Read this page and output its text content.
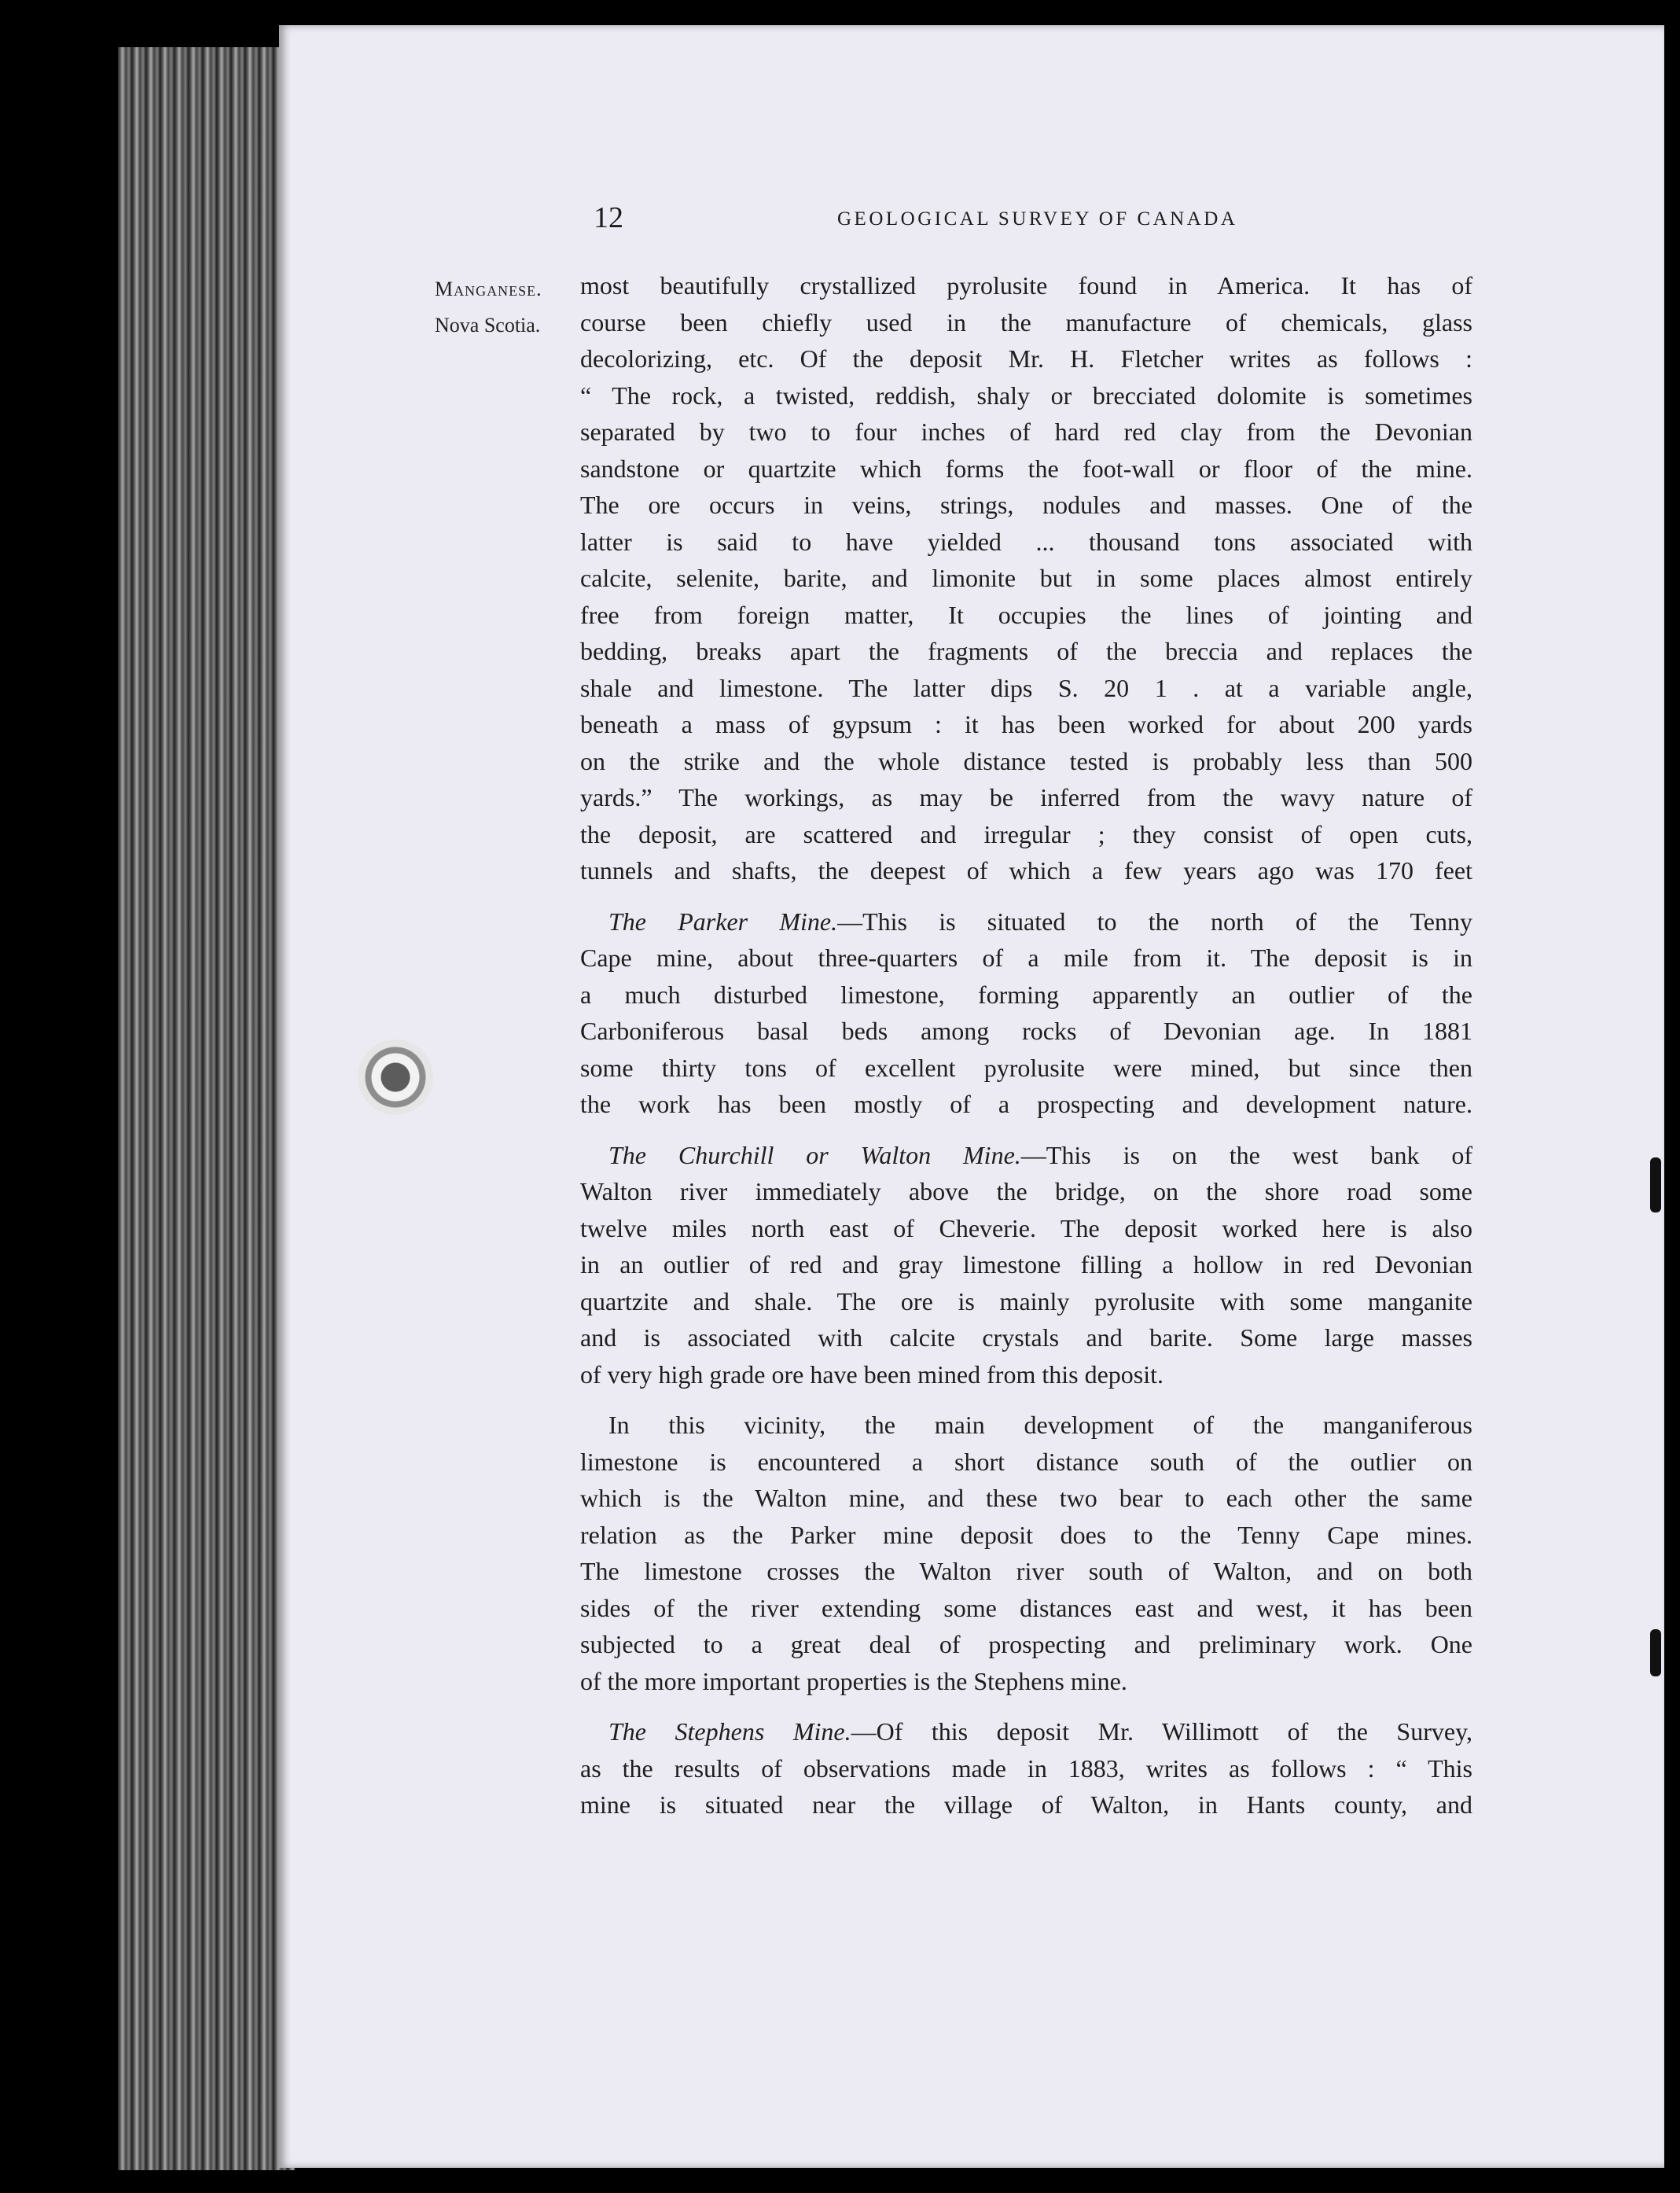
12	GEOLOGICAL SURVEY OF CANADA
Manganese.
Nova Scotia.

most beautifully crystallized pyrolusite found in America. It has of

course been chiefly used in the manufacture of chemicals, glass

decolorizing, etc. Of the deposit Mr. H. Fletcher writes as follows :

“ The rock, a twisted, reddish, shaly or brecciated dolomite is sometimes

separated by two to four inches of hard red clay from the Devonian

sandstone or quartzite which forms the foot-wall or floor of the mine.

The ore occurs in veins, strings, nodules and masses. One of the

latter is said to have yielded ... thousand tons associated with

calcite, selenite, barite, and limonite but in some places almost entirely

free from foreign matter, It occupies the lines of jointing and

bedding, breaks apart the fragments of the breccia and replaces the

shale and limestone. The latter dips S. 20 1 . at a variable angle,

beneath a mass of gypsum : it has been worked for about 200 yards

on the strike and the whole distance tested is probably less than 500

yards.” The workings, as may be inferred from the wavy nature of

the deposit, are scattered and irregular ; they consist of open cuts,

tunnels and shafts, the deepest of which a few years ago was 170 feet

The Parker Mine.—This is situated to the north of the Tenny

Cape mine, about three-quarters of a mile from it. The deposit is in

a much disturbed limestone, forming apparently an outlier of the

Carboniferous basal beds among rocks of Devonian age. In 1881

some thirty tons of excellent pyrolusite were mined, but since then

the work has been mostly of a prospecting and development nature.

The Churchill or Walton Mine.—This is on the west bank of

Walton river immediately above the bridge, on the shore road some

twelve miles north east of Cheverie. The deposit worked here is also

in an outlier of red and gray limestone filling a hollow in red Devonian

quartzite and shale. The ore is mainly pyrolusite with some manganite

and is associated with calcite crystals and barite. Some large masses

of very high grade ore have been mined from this deposit.

In this vicinity, the main development of the manganiferous

limestone is encountered a short distance south of the outlier on

which is the Walton mine, and these two bear to each other the same

relation as the Parker mine deposit does to the Tenny Cape mines.

The limestone crosses the Walton river south of Walton, and on both

sides of the river extending some distances east and west, it has been

subjected to a great deal of prospecting and preliminary work. One

of the more important properties is the Stephens mine.

The Stephens Mine.—Of this deposit Mr. Willimott of the Survey,

as the results of observations made in 1883, writes as follows : “ This

mine is situated near the village of Walton, in Hants county, and
